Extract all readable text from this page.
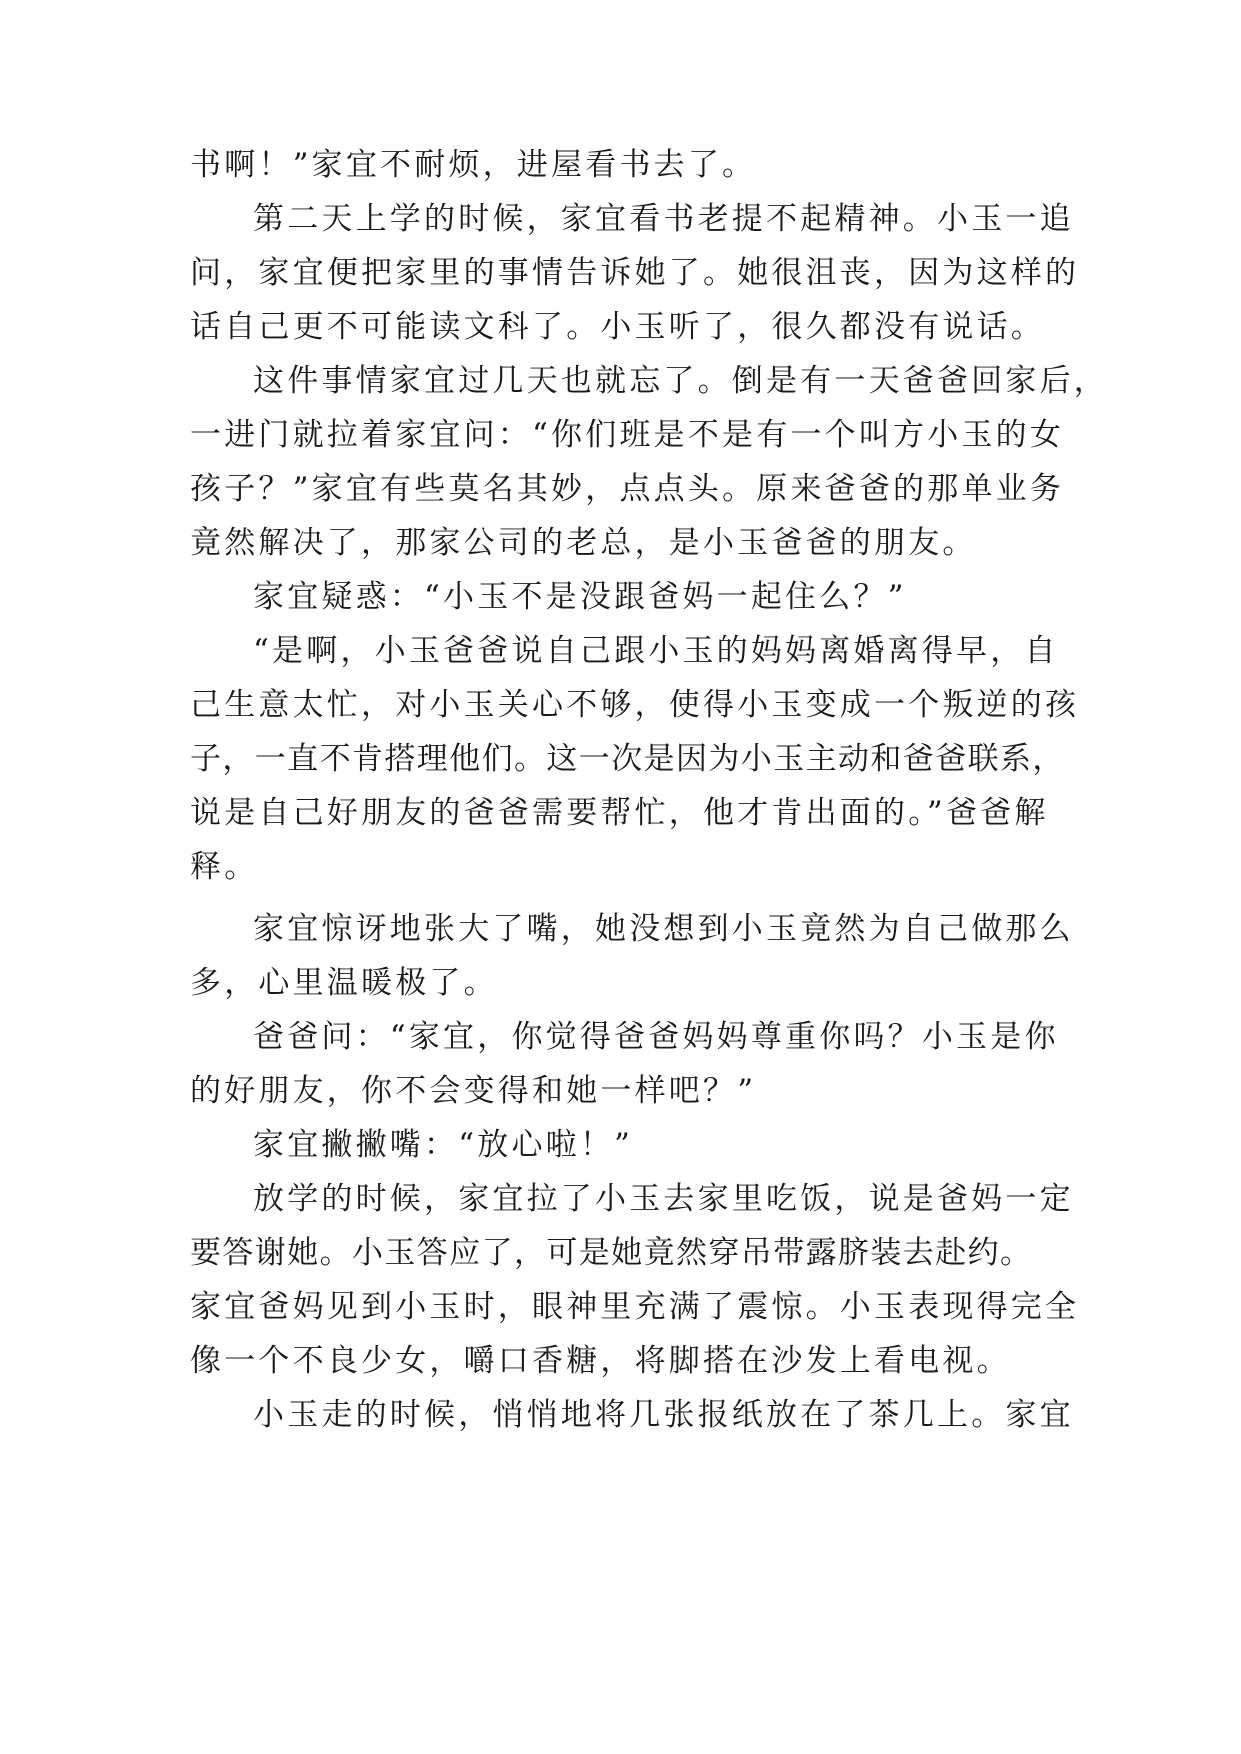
书啊！”家宜不耐烦，进屋看书去了。
第二天上学的时候，家宜看书老提不起精神。小玉一追
问，家宜便把家里的事情告诉她了。她很沮丧，因为这样的
话自己更不可能读文科了。小玉听了，很久都没有说话。
这件事情家宜过几天也就忘了。倒是有一天爸爸回家后，
一进门就拉着家宜问：“你们班是不是有一个叫方小玉的女
孩子？”家宜有些莫名其妙，点点头。原来爸爸的那单业务
竟然解决了，那家公司的老总，是小玉爸爸的朋友。
家宜疑惑：“小玉不是没跟爸妈一起住么？”
“是啊，小玉爸爸说自己跟小玉的妈妈离婚离得早，自
己生意太忙，对小玉关心不够，使得小玉变成一个叛逆的孩
子，一直不肯搭理他们。这一次是因为小玉主动和爸爸联系，
说是自己好朋友的爸爸需要帮忙，他才肯出面的。”爸爸解
释。
家宜惊讶地张大了嘴，她没想到小玉竟然为自己做那么
多，心里温暖极了。
爸爸问：“家宜，你觉得爸爸妈妈尊重你吗？小玉是你
的好朋友，你不会变得和她一样吧？”
家宜撇撇嘴：“放心啦！”
放学的时候，家宜拉了小玉去家里吃饭，说是爸妈一定
要答谢她。小玉答应了，可是她竟然穿吊带露脐装去赴约。
家宜爸妈见到小玉时，眼神里充满了震惊。小玉表现得完全
像一个不良少女，嚼口香糖，将脚搭在沙发上看电视。
小玉走的时候，悄悄地将几张报纸放在了茶几上。家宜
